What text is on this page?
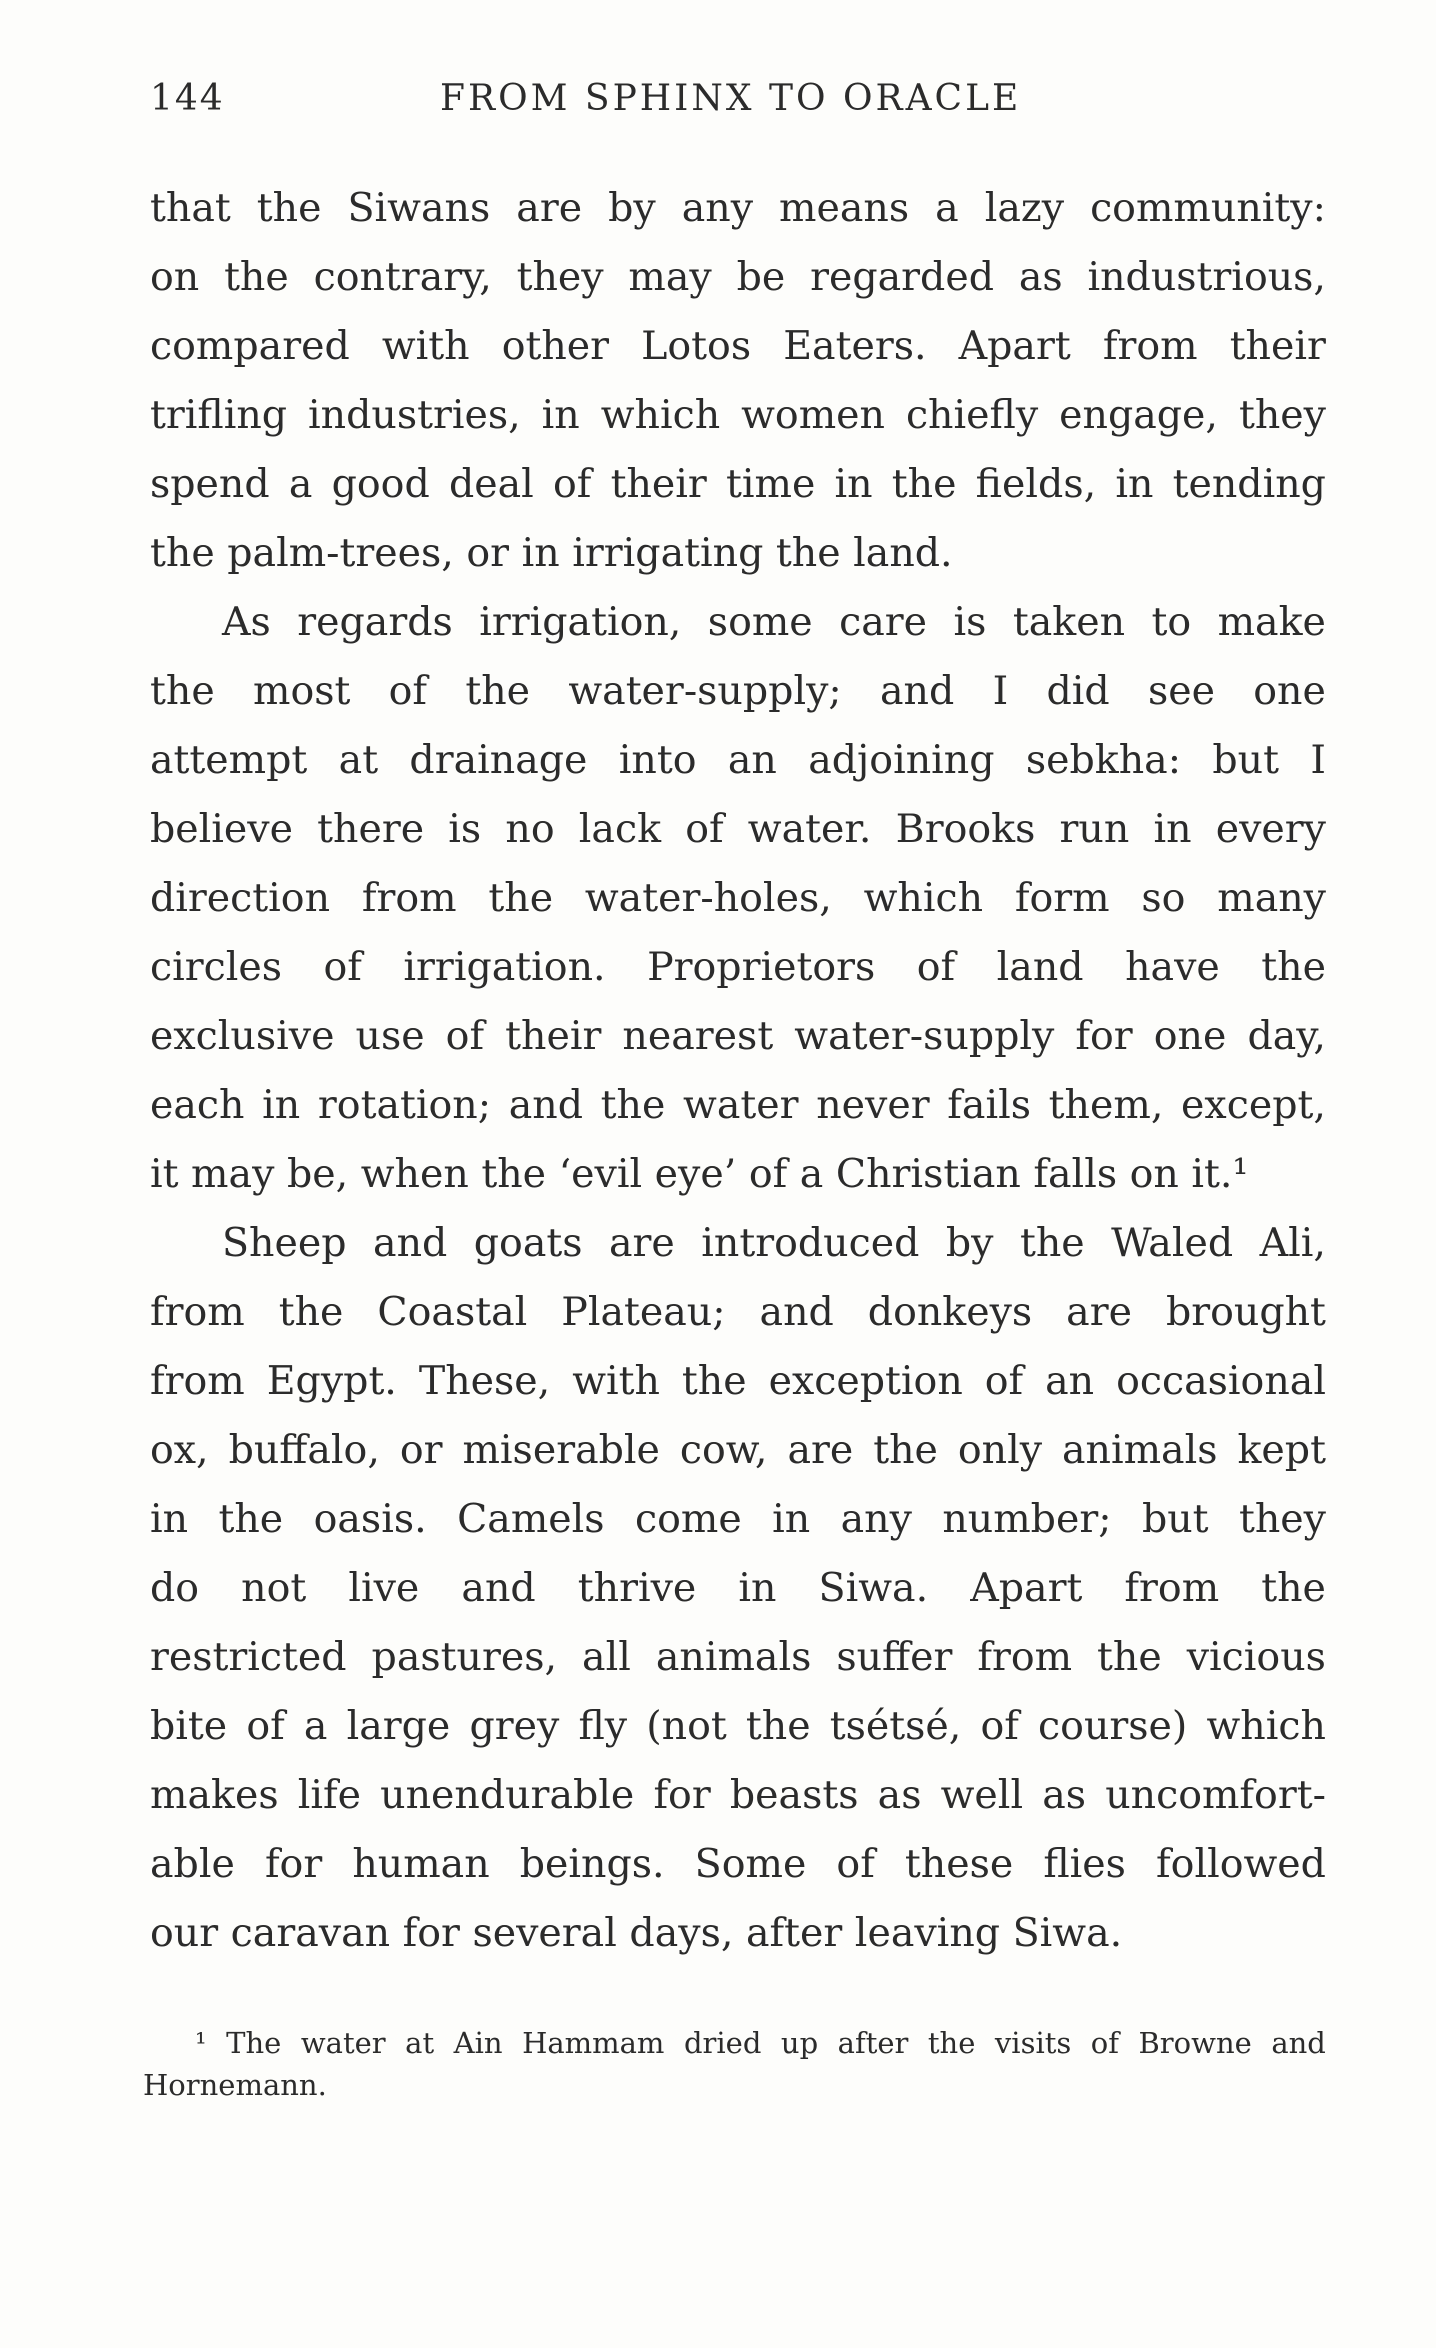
144	FROM SPHINX TO ORACLE
that the Siwans are by any means a lazy community:
on the contrary, they may be regarded as industrious,
compared with other Lotos Eaters. Apart from their
trifling industries, in which women chiefly engage, they
spend a good deal of their time in the fields, in tending
the palm-trees, or in irrigating the land.
As regards irrigation, some care is taken to make
the most of the water-supply; and I did see one
attempt at drainage into an adjoining sebkha: but I
believe there is no lack of water. Brooks run in every
direction from the water-holes, which form so many
circles of irrigation. Proprietors of land have the
exclusive use of their nearest water-supply for one day,
each in rotation; and the water never fails them, except,
it may be, when the ‘evil eye’ of a Christian falls on it.¹
Sheep and goats are introduced by the Waled Ali,
from the Coastal Plateau; and donkeys are brought
from Egypt. These, with the exception of an occasional
ox, buffalo, or miserable cow, are the only animals kept
in the oasis. Camels come in any number; but they
do not live and thrive in Siwa. Apart from the
restricted pastures, all animals suffer from the vicious
bite of a large grey fly (not the tsétsé, of course) which
makes life unendurable for beasts as well as uncomfort-
able for human beings. Some of these flies followed
our caravan for several days, after leaving Siwa.
¹ The water at Ain Hammam dried up after the visits of Browne and
Hornemann.
